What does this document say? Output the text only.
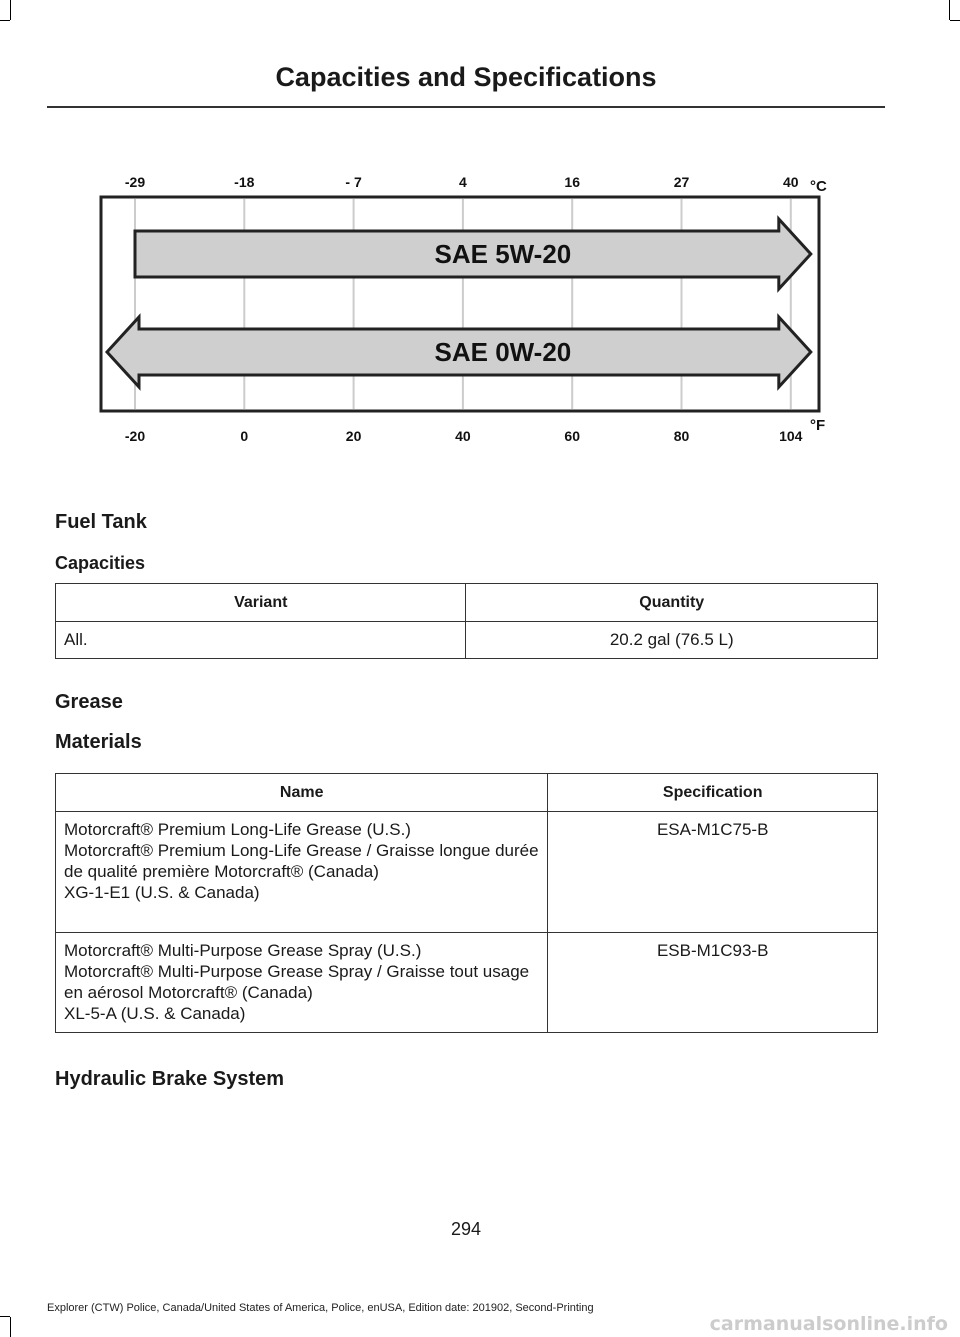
Capacities and Specifications
SAE 5W-20
SAE 0W-20
-29	-18	- 7	4	16	27	40
-20	0	20	40	60	80	104
°C
°F
Fuel Tank
Capacities
Variant	Quantity
All.	20.2 gal (76.5 L)
Grease
Materials
Name	Specification

Motorcraft® Premium Long-Life Grease (U.S.)
Motorcraft® Premium Long-Life Grease / Graisse longue durée de qualité première Motorcraft® (Canada)
XG-1-E1 (U.S. & Canada)	ESA-M1C75-B

Motorcraft® Multi-Purpose Grease Spray (U.S.)
Motorcraft® Multi-Purpose Grease Spray / Graisse tout usage en aérosol Motorcraft® (Canada)
XL-5-A (U.S. & Canada)	ESB-M1C93-B
Hydraulic Brake System
294
Explorer (CTW) Police, Canada/United States of America, Police, enUSA, Edition date: 201902, Second-Printing
carmanualsonline.info
